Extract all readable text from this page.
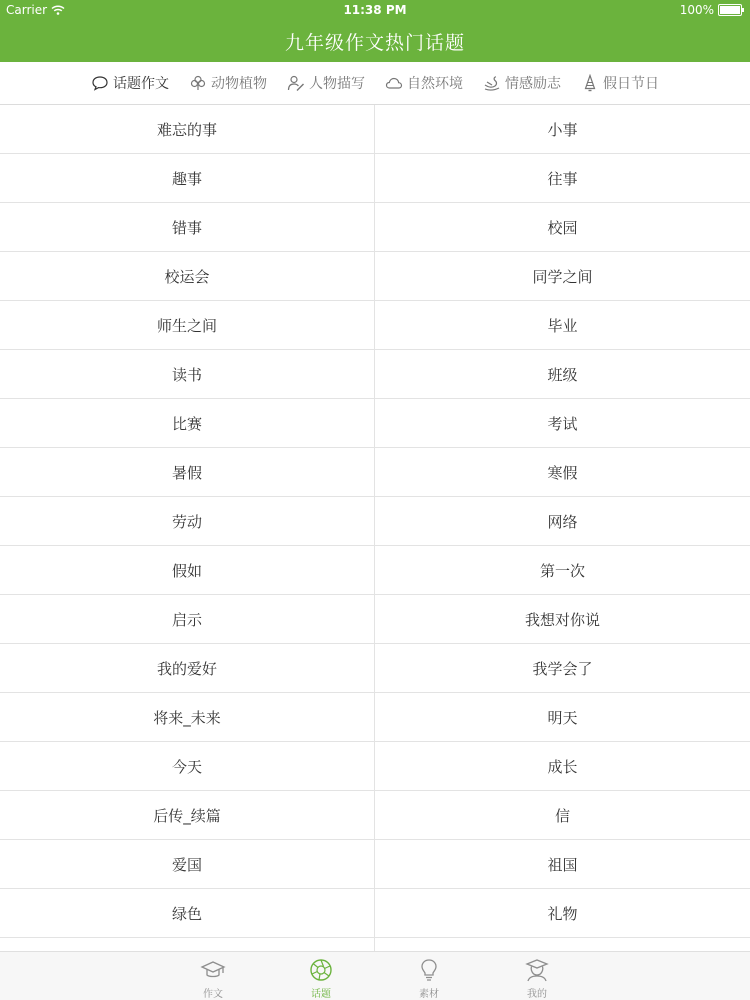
Carrier	11:38 PM	100%
九年级作文热门话题
话题作文	动物植物	人物描写	自然环境	情感励志	假日节日
难忘的事	小事
趣事	往事
错事	校园
校运会	同学之间
师生之间	毕业
读书	班级
比赛	考试
暑假	寒假
劳动	网络
假如	第一次
启示	我想对你说
我的爱好	我学会了
将来_未来	明天
今天	成长
后传_续篇	信
爱国	祖国
绿色	礼物
作文	话题	素材	我的
